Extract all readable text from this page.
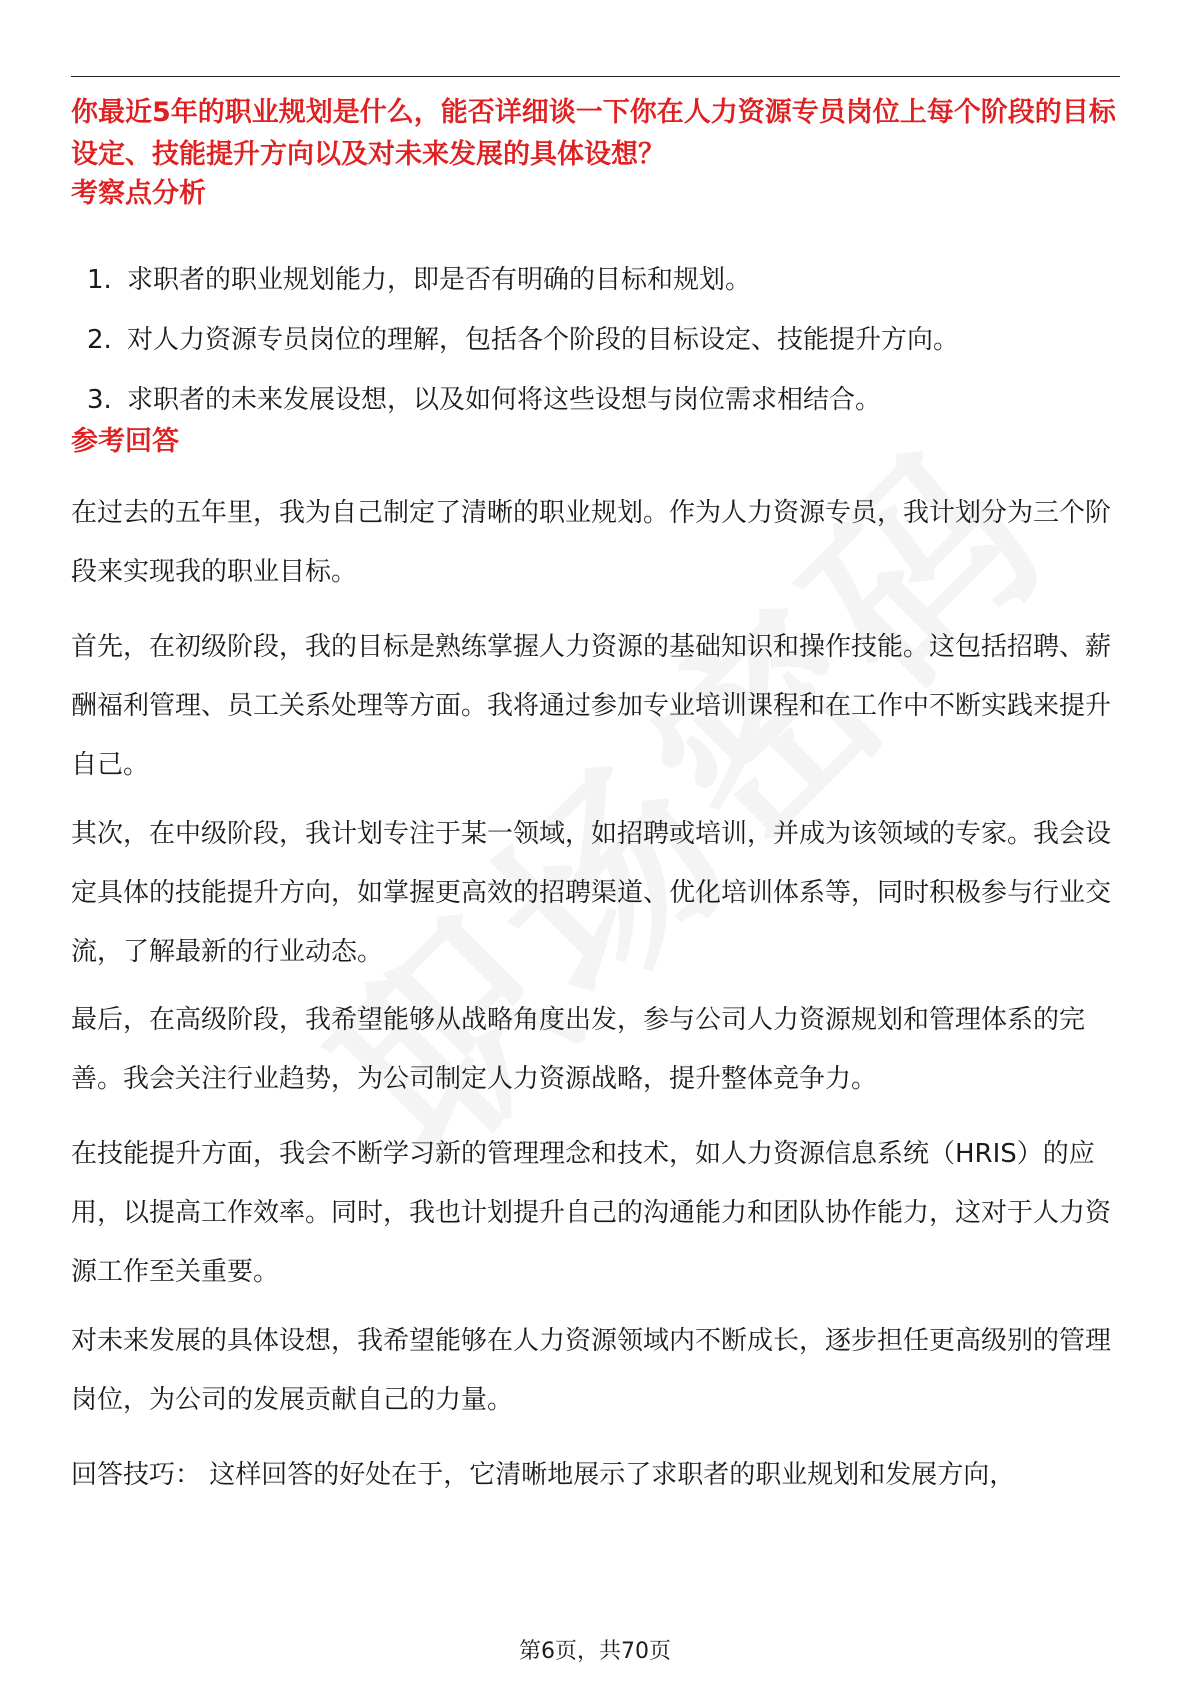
你最近5年的职业规划是什么，能否详细谈一下你在人力资源专员岗位上每个阶段的目标设定、技能提升方向以及对未来发展的具体设想？

考察点分析

1. 求职者的职业规划能力，即是否有明确的目标和规划。
2. 对人力资源专员岗位的理解，包括各个阶段的目标设定、技能提升方向。
3. 求职者的未来发展设想，以及如何将这些设想与岗位需求相结合。

参考回答

在过去的五年里，我为自己制定了清晰的职业规划。作为人力资源专员，我计划分为三个阶段来实现我的职业目标。

首先，在初级阶段，我的目标是熟练掌握人力资源的基础知识和操作技能。这包括招聘、薪酬福利管理、员工关系处理等方面。我将通过参加专业培训课程和在工作中不断实践来提升自己。

其次，在中级阶段，我计划专注于某一领域，如招聘或培训，并成为该领域的专家。我会设定具体的技能提升方向，如掌握更高效的招聘渠道、优化培训体系等，同时积极参与行业交流，了解最新的行业动态。

最后，在高级阶段，我希望能够从战略角度出发，参与公司人力资源规划和管理体系的完善。我会关注行业趋势，为公司制定人力资源战略，提升整体竞争力。

在技能提升方面，我会不断学习新的管理理念和技术，如人力资源信息系统（HRIS）的应用，以提高工作效率。同时，我也计划提升自己的沟通能力和团队协作能力，这对于人力资源工作至关重要。

对未来发展的具体设想，我希望能够在人力资源领域内不断成长，逐步担任更高级别的管理岗位，为公司的发展贡献自己的力量。

回答技巧： 这样回答的好处在于，它清晰地展示了求职者的职业规划和发展方向，

第6页，共70页
